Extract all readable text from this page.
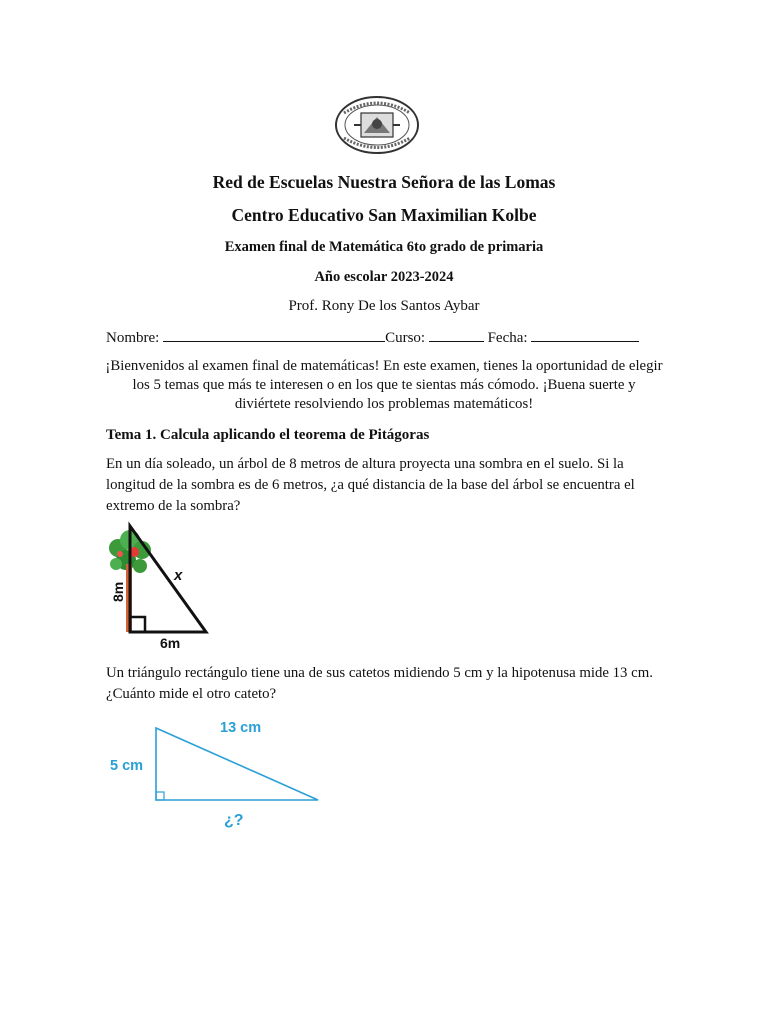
Red de Escuelas Nuestra Señora de las Lomas
Centro Educativo San Maximilian Kolbe
Examen final de Matemática 6to grado de primaria
Año escolar 2023-2024
Prof. Rony De los Santos Aybar
Nombre:	Curso:	Fecha:
¡Bienvenidos al examen final de matemáticas! En este examen, tienes la oportunidad de elegir los 5 temas que más te interesen o en los que te sientas más cómodo. ¡Buena suerte y diviértete resolviendo los problemas matemáticos!
Tema 1. Calcula aplicando el teorema de Pitágoras
En un día soleado, un árbol de 8 metros de altura proyecta una sombra en el suelo. Si la longitud de la sombra es de 6 metros, ¿a qué distancia de la base del árbol se encuentra el extremo de la sombra?
8m
6m
x
Un triángulo rectángulo tiene una de sus catetos midiendo 5 cm y la hipotenusa mide 13 cm. ¿Cuánto mide el otro cateto?
13 cm
5 cm
¿?
